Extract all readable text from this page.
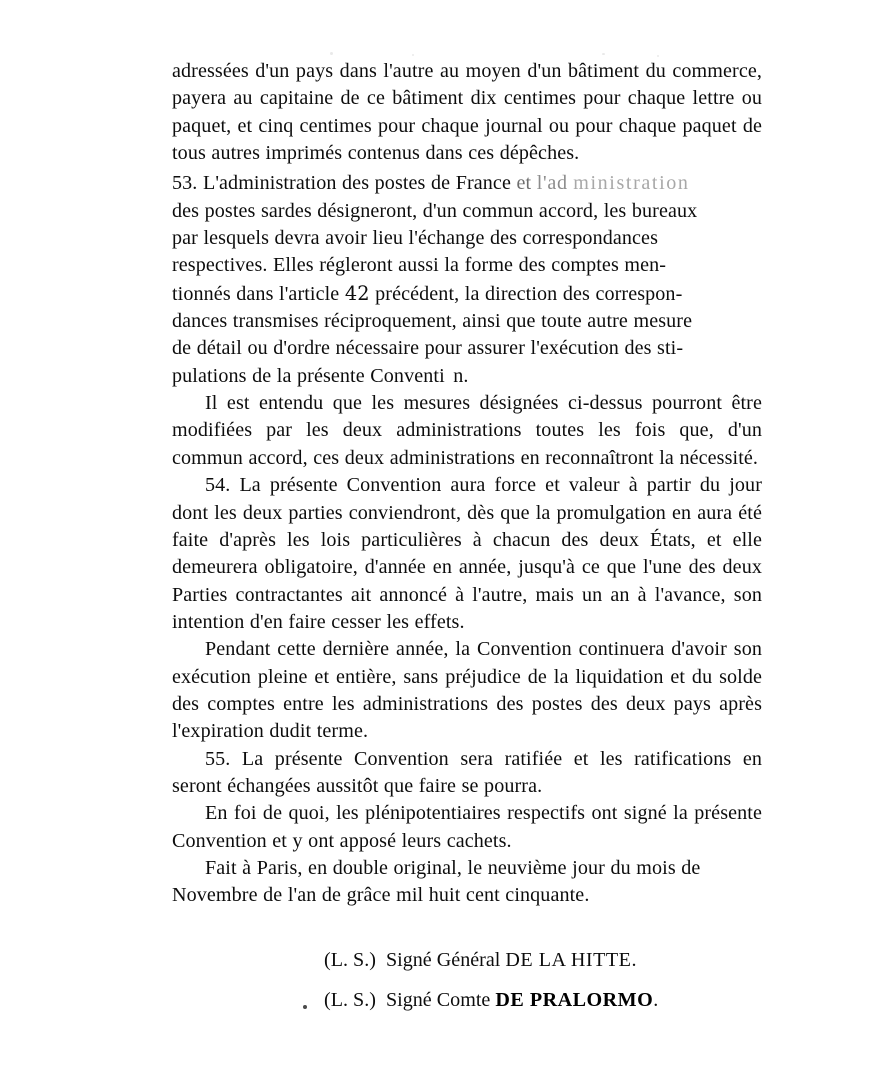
adressées d'un pays dans l'autre au moyen d'un bâtiment du commerce, payera au capitaine de ce bâtiment dix centimes pour chaque lettre ou paquet, et cinq centimes pour chaque journal ou pour chaque paquet de tous autres imprimés contenus dans ces dépêches.

53. L'administration des postes de France et l'ad ministration

des postes sardes désigneront, d'un commun accord, les bureaux

par lesquels devra avoir lieu l'échange des correspondances

respectives. Elles régleront aussi la forme des comptes men-

tionnés dans l'article 42 précédent, la direction des correspon-

dances transmises réciproquement, ainsi que toute autre mesure

de détail ou d'ordre nécessaire pour assurer l'exécution des sti-

pulations de la présente Conventi n.

Il est entendu que les mesures désignées ci-dessus pourront être modifiées par les deux administrations toutes les fois que, d'un commun accord, ces deux administrations en reconnaîtront la nécessité.

54. La présente Convention aura force et valeur à partir du jour dont les deux parties conviendront, dès que la promulgation en aura été faite d'après les lois particulières à chacun des deux États, et elle demeurera obligatoire, d'année en année, jusqu'à ce que l'une des deux Parties contractantes ait annoncé à l'autre, mais un an à l'avance, son intention d'en faire cesser les effets.

Pendant cette dernière année, la Convention continuera d'avoir son exécution pleine et entière, sans préjudice de la liquidation et du solde des comptes entre les administrations des postes des deux pays après l'expiration dudit terme.

55. La présente Convention sera ratifiée et les ratifications en seront échangées aussitôt que faire se pourra.

En foi de quoi, les plénipotentiaires respectifs ont signé la présente Convention et y ont apposé leurs cachets.

Fait à Paris, en double original, le neuvième jour du mois de Novembre de l'an de grâce mil huit cent cinquante.

(L. S.) Signé Général DE LA HITTE.
(L. S.) Signé Comte DE PRALORMO.
